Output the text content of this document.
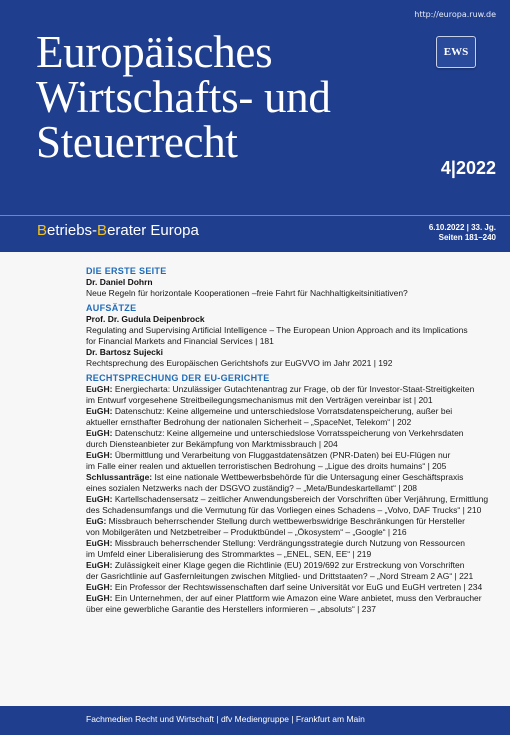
http://europa.ruw.de
EWS
Europäisches
Wirtschafts- und
Steuerrecht
4|2022
Betriebs-Berater Europa	6.10.2022 | 33. Jg.
Seiten 181–240
DIE ERSTE SEITE
Dr. Daniel Dohrn
Neue Regeln für horizontale Kooperationen –freie Fahrt für Nachhaltigkeitsinitiativen?
AUFSÄTZE
Prof. Dr. Gudula Deipenbrock
Regulating and Supervising Artificial Intelligence – The European Union Approach and its Implications
for Financial Markets and Financial Services | 181
Dr. Bartosz Sujecki
Rechtsprechung des Europäischen Gerichtshofs zur EuGVVO im Jahr 2021 | 192
RECHTSPRECHUNG DER EU-GERICHTE
EuGH: Energiecharta: Unzulässiger Gutachtenantrag zur Frage, ob der für Investor-Staat-Streitigkeiten
im Entwurf vorgesehene Streitbeilegungsmechanismus mit den Verträgen vereinbar ist | 201
EuGH: Datenschutz: Keine allgemeine und unterschiedslose Vorratsdatenspeicherung, außer bei
aktueller ernsthafter Bedrohung der nationalen Sicherheit – „SpaceNet, Telekom“ | 202
EuGH: Datenschutz: Keine allgemeine und unterschiedslose Vorratsspeicherung von Verkehrsdaten
durch Diensteanbieter zur Bekämpfung von Marktmissbrauch | 204
EuGH: Übermittlung und Verarbeitung von Fluggastdatensätzen (PNR-Daten) bei EU-Flügen nur
im Falle einer realen und aktuellen terroristischen Bedrohung – „Ligue des droits humains“ | 205
Schlussanträge: Ist eine nationale Wettbewerbsbehörde für die Untersagung einer Geschäftspraxis
eines sozialen Netzwerks nach der DSGVO zuständig? – „Meta/Bundeskartellamt“ | 208
EuGH: Kartellschadensersatz – zeitlicher Anwendungsbereich der Vorschriften über Verjährung, Ermittlung
des Schadensumfangs und die Vermutung für das Vorliegen eines Schadens – „Volvo, DAF Trucks“ | 210
EuG: Missbrauch beherrschender Stellung durch wettbewerbswidrige Beschränkungen für Hersteller
von Mobilgeräten und Netzbetreiber – Produktbündel – „Ökosystem“ – „Google“ | 216
EuGH: Missbrauch beherrschender Stellung: Verdrängungsstrategie durch Nutzung von Ressourcen
im Umfeld einer Liberalisierung des Strommarktes – „ENEL, SEN, EE“ | 219
EuGH: Zulässigkeit einer Klage gegen die Richtlinie (EU) 2019/692 zur Erstreckung von Vorschriften
der Gasrichtlinie auf Gasfernleitungen zwischen Mitglied- und Drittstaaten? – „Nord Stream 2 AG“ | 221
EuGH: Ein Professor der Rechtswissenschaften darf seine Universität vor EuG und EuGH vertreten | 234
EuGH: Ein Unternehmen, der auf einer Plattform wie Amazon eine Ware anbietet, muss den Verbraucher
über eine gewerbliche Garantie des Herstellers informieren – „absoluts“ | 237
Fachmedien Recht und Wirtschaft | dfv Mediengruppe | Frankfurt am Main
